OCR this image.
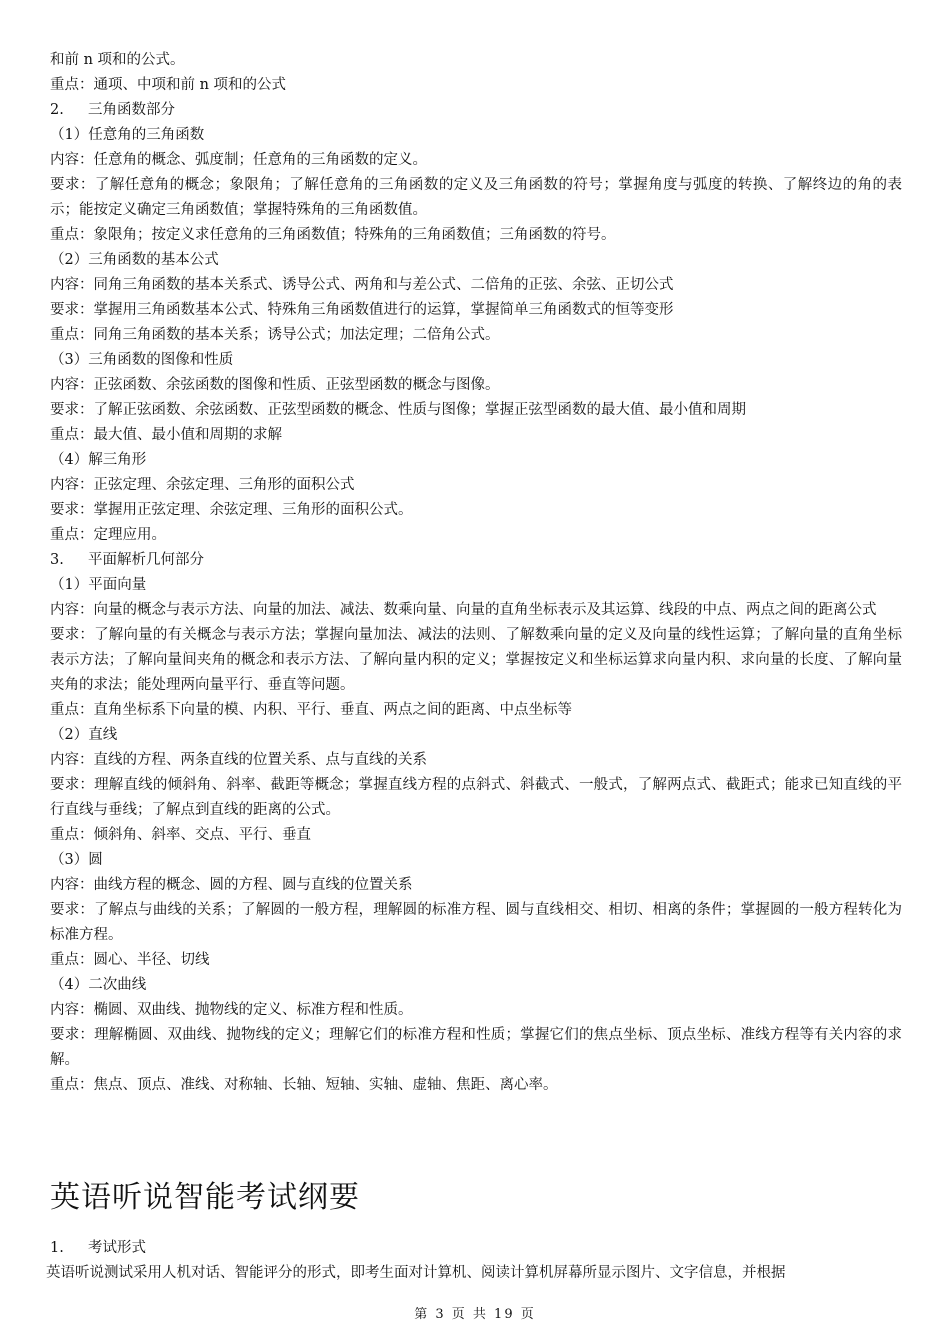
和前 n 项和的公式。
重点：通项、中项和前 n 项和的公式
2.	三角函数部分
（1）任意角的三角函数
内容：任意角的概念、弧度制；任意角的三角函数的定义。
要求：了解任意角的概念；象限角；了解任意角的三角函数的定义及三角函数的符号；掌握角度与弧度的转换、了解终边的角的表示；能按定义确定三角函数值；掌握特殊角的三角函数值。
重点：象限角；按定义求任意角的三角函数值；特殊角的三角函数值；三角函数的符号。
（2）三角函数的基本公式
内容：同角三角函数的基本关系式、诱导公式、两角和与差公式、二倍角的正弦、余弦、正切公式
要求：掌握用三角函数基本公式、特殊角三角函数值进行的运算，掌握简单三角函数式的恒等变形
重点：同角三角函数的基本关系；诱导公式；加法定理；二倍角公式。
（3）三角函数的图像和性质
内容：正弦函数、余弦函数的图像和性质、正弦型函数的概念与图像。
要求：了解正弦函数、余弦函数、正弦型函数的概念、性质与图像；掌握正弦型函数的最大值、最小值和周期
重点：最大值、最小值和周期的求解
（4）解三角形
内容：正弦定理、余弦定理、三角形的面积公式
要求：掌握用正弦定理、余弦定理、三角形的面积公式。
重点：定理应用。
3.	平面解析几何部分
（1）平面向量
内容：向量的概念与表示方法、向量的加法、减法、数乘向量、向量的直角坐标表示及其运算、线段的中点、两点之间的距离公式
要求：了解向量的有关概念与表示方法；掌握向量加法、减法的法则、了解数乘向量的定义及向量的线性运算；了解向量的直角坐标表示方法；了解向量间夹角的概念和表示方法、了解向量内积的定义；掌握按定义和坐标运算求向量内积、求向量的长度、了解向量夹角的求法；能处理两向量平行、垂直等问题。
重点：直角坐标系下向量的模、内积、平行、垂直、两点之间的距离、中点坐标等
（2）直线
内容：直线的方程、两条直线的位置关系、点与直线的关系
要求：理解直线的倾斜角、斜率、截距等概念；掌握直线方程的点斜式、斜截式、一般式，了解两点式、截距式；能求已知直线的平行直线与垂线；了解点到直线的距离的公式。
重点：倾斜角、斜率、交点、平行、垂直
（3）圆
内容：曲线方程的概念、圆的方程、圆与直线的位置关系
要求：了解点与曲线的关系；了解圆的一般方程，理解圆的标准方程、圆与直线相交、相切、相离的条件；掌握圆的一般方程转化为标准方程。
重点：圆心、半径、切线
（4）二次曲线
内容：椭圆、双曲线、抛物线的定义、标准方程和性质。
要求：理解椭圆、双曲线、抛物线的定义；理解它们的标准方程和性质；掌握它们的焦点坐标、顶点坐标、准线方程等有关内容的求解。
重点：焦点、顶点、准线、对称轴、长轴、短轴、实轴、虚轴、焦距、离心率。
英语听说智能考试纲要
1.	考试形式
英语听说测试采用人机对话、智能评分的形式，即考生面对计算机、阅读计算机屏幕所显示图片、文字信息，并根据
第 3 页 共 19 页
